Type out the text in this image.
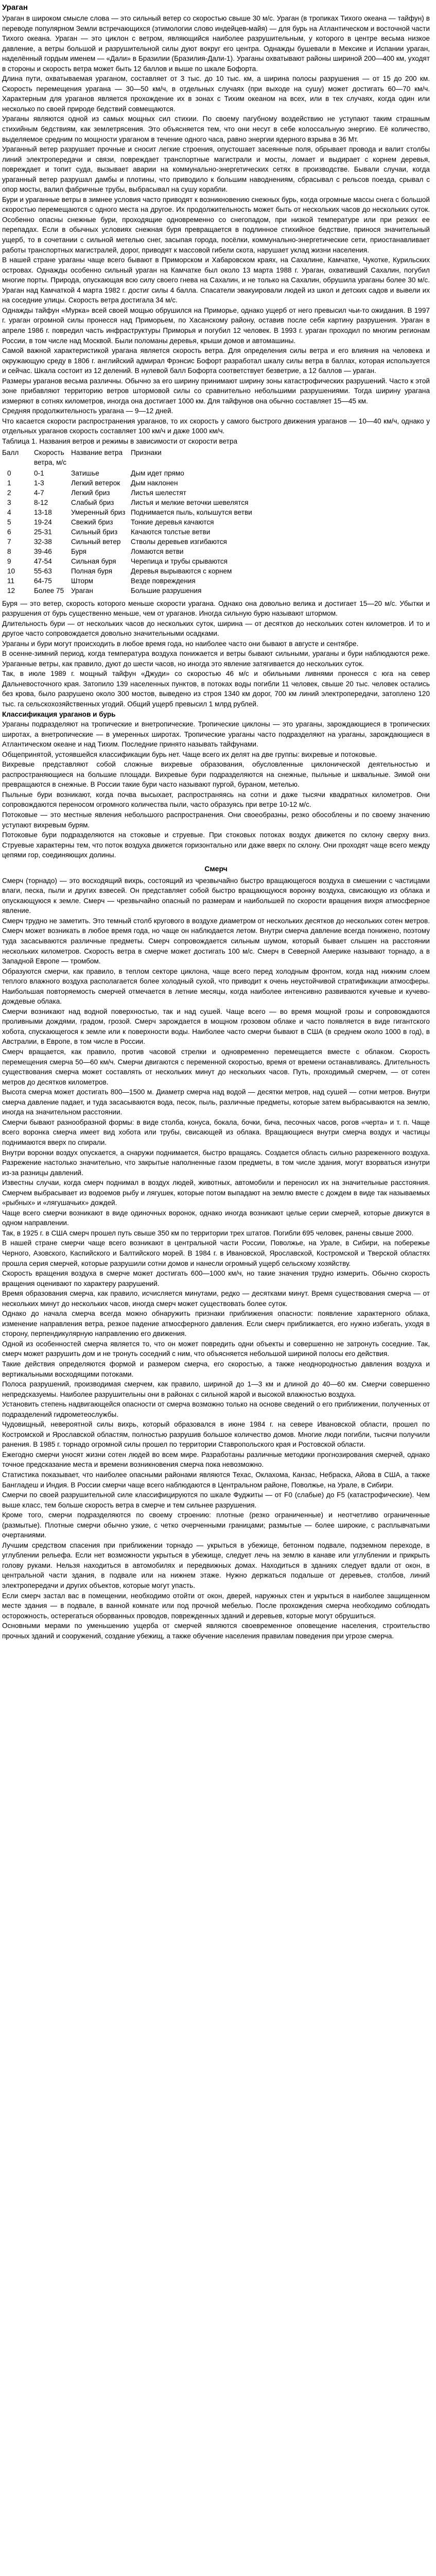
Ураган

Ураган в широком смысле слова — это сильный ветер со скоростью свыше 30 м/с. Ураган (в тропиках Тихого океана — тайфун) в переводе популярном Земли встречающихся (этимологии слово индейцев-майя) — для бурь на Атлантическом и восточной части Тихого океана. Ураган — это циклон с ветром, являющийся наиболее разрушительным, у которого в центре весьма низкое давление, а ветры большой и разрушительной силы дуют вокруг его центра. Однажды бушевали в Мексике и Испании ураган, наделённый гордым именем — «Дали» в Бразилии (Бразилия-Дали-1). Ураганы охватывают районы шириной 200—400 км, уходят в стороны и скорость ветра может быть 12 баллов и выше по шкале Бофорта.

Длина пути, охватываемая ураганом, составляет от 3 тыс. до 10 тыс. км, а ширина полосы разрушения — от 15 до 200 км. Скорость перемещения урагана — 30—50 км/ч, в отдельных случаях (при выходе на сушу) может достигать 60—70 км/ч. Характерным для ураганов является прохождение их в зонах с Тихим океаном на всех, или в тех случаях, когда один или несколько по своей природе бедствий совмещаются.

Ураганы являются одной из самых мощных сил стихии. По своему пагубному воздействию не уступают таким страшным стихийным бедствиям, как землетрясения. Это объясняется тем, что они несут в себе колоссальную энергию. Её количество, выделяемое средним по мощности ураганом в течение одного часа, равно энергии ядерного взрыва в 36 Мт.

Ураганный ветер разрушает прочные и сносит легкие строения, опустошает засеянные поля, обрывает провода и валит столбы линий электропередачи и связи, повреждает транспортные магистрали и мосты, ломает и выдирает с корнем деревья, повреждает и топит суда, вызывает аварии на коммунально-энергетических сетях в производстве. Бывали случаи, когда ураганный ветер разрушал дамбы и плотины, что приводило к большим наводнениям, сбрасывал с рельсов поезда, срывал с опор мосты, валил фабричные трубы, выбрасывал на сушу корабли.

Бури и ураганные ветры в зимнее условия часто приводят к возникновению снежных бурь, когда огромные массы снега с большой скоростью перемещаются с одного места на другое. Их продолжительность может быть от нескольких часов до нескольких суток. Особенно опасны снежные бури, проходящие одновременно со снегопадом, при низкой температуре или при резких ее перепадах. Если в обычных условиях снежная буря превращается в подлинное стихийное бедствие, принося значительный ущерб, то в сочетании с сильной метелью снег, засыпая города, посёлки, коммунально-энергетические сети, приостанавливает работы транспортных магистралей, дорог, приводят к массовой гибели скота, нарушает уклад жизни населения.

В нашей стране ураганы чаще всего бывают в Приморском и Хабаровском краях, на Сахалине, Камчатке, Чукотке, Курильских островах. Однажды особенно сильный ураган на Камчатке был около 13 марта 1988 г. Ураган, охвативший Сахалин, погубил многие порты. Природа, опускающая всю силу своего гнева на Сахалин, и не только на Сахалин, обрушила ураганы более 30 м/с. Ураган над Камчаткой 4 марта 1982 г. достиг силы 4 балла. Спасатели эвакуировали людей из школ и детских садов и вывели их на соседние улицы. Скорость ветра достигала 34 м/с.

Однажды тайфун «Мурка» всей своей мощью обрушился на Приморье, однако ущерб от него превысил чьи-то ожидания. В 1997 г. ураган огромной силы пронесся над Приморьем, по Хасанскому району, оставив после себя картину разрушения. Ураган в апреле 1986 г. повредил часть инфраструктуры Приморья и погубил 12 человек. В 1993 г. ураган проходил по многим регионам России, в том числе над Москвой. Были поломаны деревья, крыши домов и автомашины.

Самой важной характеристикой урагана является скорость ветра. Для определения силы ветра и его влияния на человека и окружающую среду в 1806 г. английский адмирал Фрэнсис Бофорт разработал шкалу силы ветра в баллах, которая используется и сейчас. Шкала состоит из 12 делений. В нулевой балл Бофорта соответствует безветрие, а 12 баллов — ураган.

Размеры ураганов весьма различны. Обычно за его ширину принимают ширину зоны катастрофических разрушений. Часто к этой зоне прибавляют территорию ветров штормовой силы со сравнительно небольшими разрушениями. Тогда ширину урагана измеряют в сотнях километров, иногда она достигает 1000 км. Для тайфунов она обычно составляет 15—45 км.

Средняя продолжительность урагана — 9—12 дней.

Что касается скорости распространения ураганов, то их скорость у самого быстрого движения ураганов — 10—40 км/ч, однако у отдельных ураганов скорость составляет 100 км/ч и даже 1000 км/ч.

Таблица 1. Названия ветров и режимы в зависимости от скорости ветра

Балл	Скорость ветра, м/с	Название ветра	Признаки
0	0-1	Затишье	Дым идет прямо
1	1-3	Легкий ветерок	Дым наклонен
2	4-7	Легкий бриз	Листья шелестят
3	8-12	Слабый бриз	Листья и мелкие веточки шевелятся
4	13-18	Умеренный бриз	Поднимается пыль, колышутся ветви
5	19-24	Свежий бриз	Тонкие деревья качаются
6	25-31	Сильный бриз	Качаются толстые ветви
7	32-38	Сильный ветер	Стволы деревьев изгибаются
8	39-46	Буря	Ломаются ветви
9	47-54	Сильная буря	Черепица и трубы срываются
10	55-63	Полная буря	Деревья вырываются с корнем
11	64-75	Шторм	Везде повреждения
12	Более 75	Ураган	Большие разрушения

Буря — это ветер, скорость которого меньше скорости урагана. Однако она довольно велика и достигает 15—20 м/с. Убытки и разрушения от бурь существенно меньше, чем от ураганов. Иногда сильную бурю называют штормом.

Длительность бури — от нескольких часов до нескольких суток, ширина — от десятков до нескольких сотен километров. И то и другое часто сопровождается довольно значительными осадками.

Ураганы и бури могут происходить в любое время года, но наиболее часто они бывают в августе и сентябре.

В осенне-зимний период, когда температура воздуха понижается и ветры бывают сильными, ураганы и бури наблюдаются реже. Ураганные ветры, как правило, дуют до шести часов, но иногда это явление затягивается до нескольких суток.

Так, в июле 1989 г. мощный тайфун «Джуди» со скоростью 46 м/с и обильными ливнями пронесся с юга на север Дальневосточного края. Затопило 139 населенных пунктов, в потоках воды погибли 11 человек, свыше 20 тыс. человек остались без крова, было разрушено около 300 мостов, выведено из строя 1340 км дорог, 700 км линий электропередачи, затоплено 120 тыс. га сельскохозяйственных угодий. Общий ущерб превысил 1 млрд рублей.

Классификация ураганов и бурь

Ураганы подразделяют на тропические и внетропические. Тропические циклоны — это ураганы, зарождающиеся в тропических широтах, а внетропические — в умеренных широтах. Тропические ураганы часто подразделяют на ураганы, зарождающиеся в Атлантическом океане и над Тихим. Последние принято называть тайфунами.

Общепринятой, устоявшейся классификации бурь нет. Чаще всего их делят на две группы: вихревые и потоковые.

Вихревые представляют собой сложные вихревые образования, обусловленные циклонической деятельностью и распространяющиеся на большие площади. Вихревые бури подразделяются на снежные, пыльные и шквальные. Зимой они превращаются в снежные. В России такие бури часто называют пургой, бураном, метелью.

Пыльные бури возникают, когда почва высыхает, распространяясь на сотни и даже тысячи квадратных километров. Они сопровождаются переносом огромного количества пыли, часто образуясь при ветре 10-12 м/с.

Потоковые — это местные явления небольшого распространения. Они своеобразны, резко обособлены и по своему значению уступают вихревым бурям.

Потоковые бури подразделяются на стоковые и струевые. При стоковых потоках воздух движется по склону сверху вниз. Струевые характерны тем, что поток воздуха движется горизонтально или даже вверх по склону. Они проходят чаще всего между цепями гор, соединяющих долины.

Смерч

Смерч (торнадо) — это восходящий вихрь, состоящий из чрезвычайно быстро вращающегося воздуха в смешении с частицами влаги, песка, пыли и других взвесей. Он представляет собой быстро вращающуюся воронку воздуха, свисающую из облака и опускающуюся к земле. Смерч — чрезвычайно опасный по размерам и наибольшей по скорости вращения вихря атмосферное явление.

Смерч трудно не заметить. Это темный столб кругового в воздухе диаметром от нескольких десятков до нескольких сотен метров. Смерч может возникать в любое время года, но чаще он наблюдается летом. Внутри смерча давление всегда понижено, поэтому туда засасываются различные предметы. Смерч сопровождается сильным шумом, который бывает слышен на расстоянии нескольких километров. Скорость ветра в смерче может достигать 100 м/с. Смерч в Северной Америке называют торнадо, а в Западной Европе — тромбом.

Образуются смерчи, как правило, в теплом секторе циклона, чаще всего перед холодным фронтом, когда над нижним слоем теплого влажного воздуха располагается более холодный сухой, что приводит к очень неустойчивой стратификации атмосферы. Наибольшая повторяемость смерчей отмечается в летние месяцы, когда наиболее интенсивно развиваются кучевые и кучево-дождевые облака.

Смерчи возникают над водной поверхностью, так и над сушей. Чаще всего — во время мощной грозы и сопровождаются проливными дождями, градом, грозой. Смерч зарождается в мощном грозовом облаке и часто появляется в виде гигантского хобота, спускающегося к земле или к поверхности воды. Наиболее часто смерчи бывают в США (в среднем около 1000 в год), в Австралии, в Европе, в том числе в России.

Смерч вращается, как правило, против часовой стрелки и одновременно перемещается вместе с облаком. Скорость перемещения смерча 50—60 км/ч. Смерчи двигаются с переменной скоростью, время от времени останавливаясь. Длительность существования смерча может составлять от нескольких минут до нескольких часов. Путь, проходимый смерчем, — от сотен метров до десятков километров.

Высота смерча может достигать 800—1500 м. Диаметр смерча над водой — десятки метров, над сушей — сотни метров. Внутри смерча давление падает, и туда засасываются вода, песок, пыль, различные предметы, которые затем выбрасываются на землю, иногда на значительном расстоянии.

Смерчи бывают разнообразной формы: в виде столба, конуса, бокала, бочки, бича, песочных часов, рогов «черта» и т. п. Чаще всего воронка смерча имеет вид хобота или трубы, свисающей из облака. Вращающиеся внутри смерча воздух и частицы поднимаются вверх по спирали.

Внутри воронки воздух опускается, а снаружи поднимается, быстро вращаясь. Создается область сильно разреженного воздуха. Разрежение настолько значительно, что закрытые наполненные газом предметы, в том числе здания, могут взорваться изнутри из-за разницы давлений.

Известны случаи, когда смерч поднимал в воздух людей, животных, автомобили и переносил их на значительные расстояния. Смерчем выбрасывает из водоемов рыбу и лягушек, которые потом выпадают на землю вместе с дождем в виде так называемых «рыбных» и «лягушачьих» дождей.

Чаще всего смерчи возникают в виде одиночных воронок, однако иногда возникают целые серии смерчей, которые движутся в одном направлении.

Так, в 1925 г. в США смерч прошел путь свыше 350 км по территории трех штатов. Погибли 695 человек, ранены свыше 2000.

В нашей стране смерчи чаще всего возникают в центральной части России, Поволжье, на Урале, в Сибири, на побережье Черного, Азовского, Каспийского и Балтийского морей. В 1984 г. в Ивановской, Ярославской, Костромской и Тверской областях прошла серия смерчей, которые разрушили сотни домов и нанесли огромный ущерб сельскому хозяйству.

Скорость вращения воздуха в смерче может достигать 600—1000 км/ч, но такие значения трудно измерить. Обычно скорость вращения оценивают по характеру разрушений.

Время образования смерча, как правило, исчисляется минутами, редко — десятками минут. Время существования смерча — от нескольких минут до нескольких часов, иногда смерч может существовать более суток.

Однако до начала смерча всегда можно обнаружить признаки приближения опасности: появление характерного облака, изменение направления ветра, резкое падение атмосферного давления. Если смерч приближается, его нужно избегать, уходя в сторону, перпендикулярную направлению его движения.

Одной из особенностей смерча является то, что он может повредить одни объекты и совершенно не затронуть соседние. Так, смерч может разрушить дом и не тронуть соседний с ним, что объясняется небольшой шириной полосы его действия.

Такие действия определяются формой и размером смерча, его скоростью, а также неоднородностью давления воздуха и вертикальными восходящими потоками.

Полоса разрушений, производимая смерчем, как правило, шириной до 1—3 км и длиной до 40—60 км. Смерчи совершенно непредсказуемы. Наиболее разрушительны они в районах с сильной жарой и высокой влажностью воздуха.

Установить степень надвигающейся опасности от смерча возможно только на основе сведений о его приближении, полученных от подразделений гидрометеослужбы.

Чудовищный, невероятной силы вихрь, который образовался в июне 1984 г. на севере Ивановской области, прошел по Костромской и Ярославской областям, полностью разрушив большое количество домов. Многие люди погибли, тысячи получили ранения. В 1985 г. торнадо огромной силы прошел по территории Ставропольского края и Ростовской области.

Ежегодно смерчи уносят жизни сотен людей во всем мире. Разработаны различные методики прогнозирования смерчей, однако точное предсказание места и времени возникновения смерча пока невозможно.

Статистика показывает, что наиболее опасными районами являются Техас, Оклахома, Канзас, Небраска, Айова в США, а также Бангладеш и Индия. В России смерчи чаще всего наблюдаются в Центральном районе, Поволжье, на Урале, в Сибири.

Смерчи по своей разрушительной силе классифицируются по шкале Фуджиты — от F0 (слабые) до F5 (катастрофические). Чем выше класс, тем больше скорость ветра в смерче и тем сильнее разрушения.

Кроме того, смерчи подразделяются по своему строению: плотные (резко ограниченные) и неотчетливо ограниченные (размытые). Плотные смерчи обычно узкие, с четко очерченными границами; размытые — более широкие, с расплывчатыми очертаниями.

Лучшим средством спасения при приближении торнадо — укрыться в убежище, бетонном подвале, подземном переходе, в углублении рельефа. Если нет возможности укрыться в убежище, следует лечь на землю в канаве или углублении и прикрыть голову руками. Нельзя находиться в автомобилях и передвижных домах. Находиться в зданиях следует вдали от окон, в центральной части здания, в подвале или на нижнем этаже. Нужно держаться подальше от деревьев, столбов, линий электропередачи и других объектов, которые могут упасть.

Если смерч застал вас в помещении, необходимо отойти от окон, дверей, наружных стен и укрыться в наиболее защищенном месте здания — в подвале, в ванной комнате или под прочной мебелью. После прохождения смерча необходимо соблюдать осторожность, остерегаться оборванных проводов, поврежденных зданий и деревьев, которые могут обрушиться.

Основными мерами по уменьшению ущерба от смерчей являются своевременное оповещение населения, строительство прочных зданий и сооружений, создание убежищ, а также обучение населения правилам поведения при угрозе смерча.
